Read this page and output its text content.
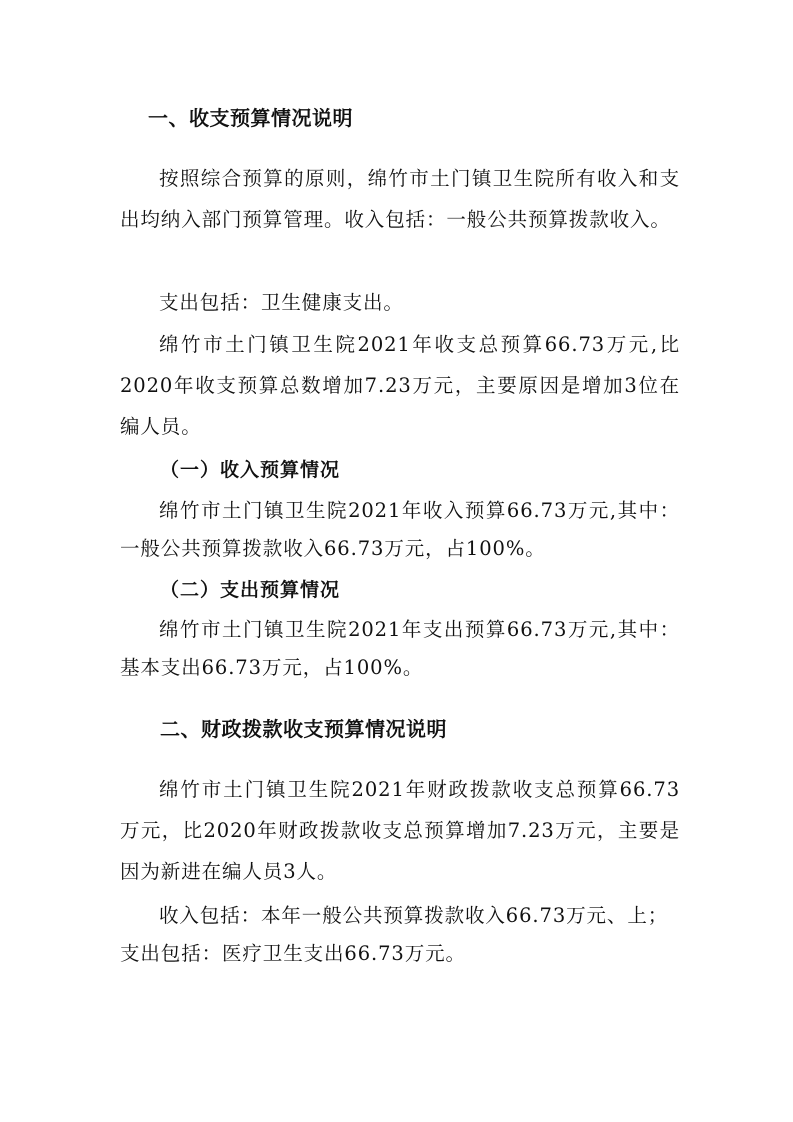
一、收支预算情况说明

按照综合预算的原则，绵竹市土门镇卫生院所有收入和支出均纳入部门预算管理。收入包括：一般公共预算拨款收入。

支出包括：卫生健康支出。

绵竹市土门镇卫生院2021年收支总预算66.73万元,比2020年收支预算总数增加7.23万元，主要原因是增加3位在编人员。

（一）收入预算情况

绵竹市土门镇卫生院2021年收入预算66.73万元,其中：一般公共预算拨款收入66.73万元，占100%。

（二）支出预算情况

绵竹市土门镇卫生院2021年支出预算66.73万元,其中：基本支出66.73万元，占100%。

二、财政拨款收支预算情况说明

绵竹市土门镇卫生院2021年财政拨款收支总预算66.73万元，比2020年财政拨款收支总预算增加7.23万元，主要是因为新进在编人员3人。

收入包括：本年一般公共预算拨款收入66.73万元、上；

支出包括：医疗卫生支出66.73万元。
